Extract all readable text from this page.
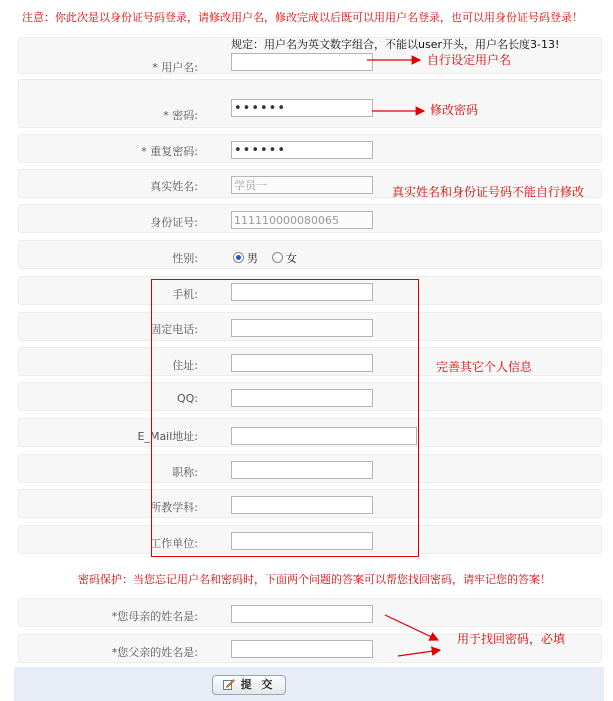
注意：你此次是以身份证号码登录，请修改用户名，修改完成以后既可以用用户名登录，也可以用身份证号码登录！
规定：用户名为英文数字组合，不能以user开头，用户名长度3-13!
* 用户名:
* 密码:
••••••
* 重复密码:
••••••
真实姓名:
学员一
身份证号:
111110000080065
性别:	男	女
手机:
固定电话:
住址:
QQ:
E_Mail地址:
职称:
所教学科:
工作单位:
密码保护：当您忘记用户名和密码时，下面两个问题的答案可以帮您找回密码，请牢记您的答案！
*您母亲的姓名是:
*您父亲的姓名是:
提 交
自行设定用户名
修改密码
真实姓名和身份证号码不能自行修改
完善其它个人信息
用于找回密码，必填
